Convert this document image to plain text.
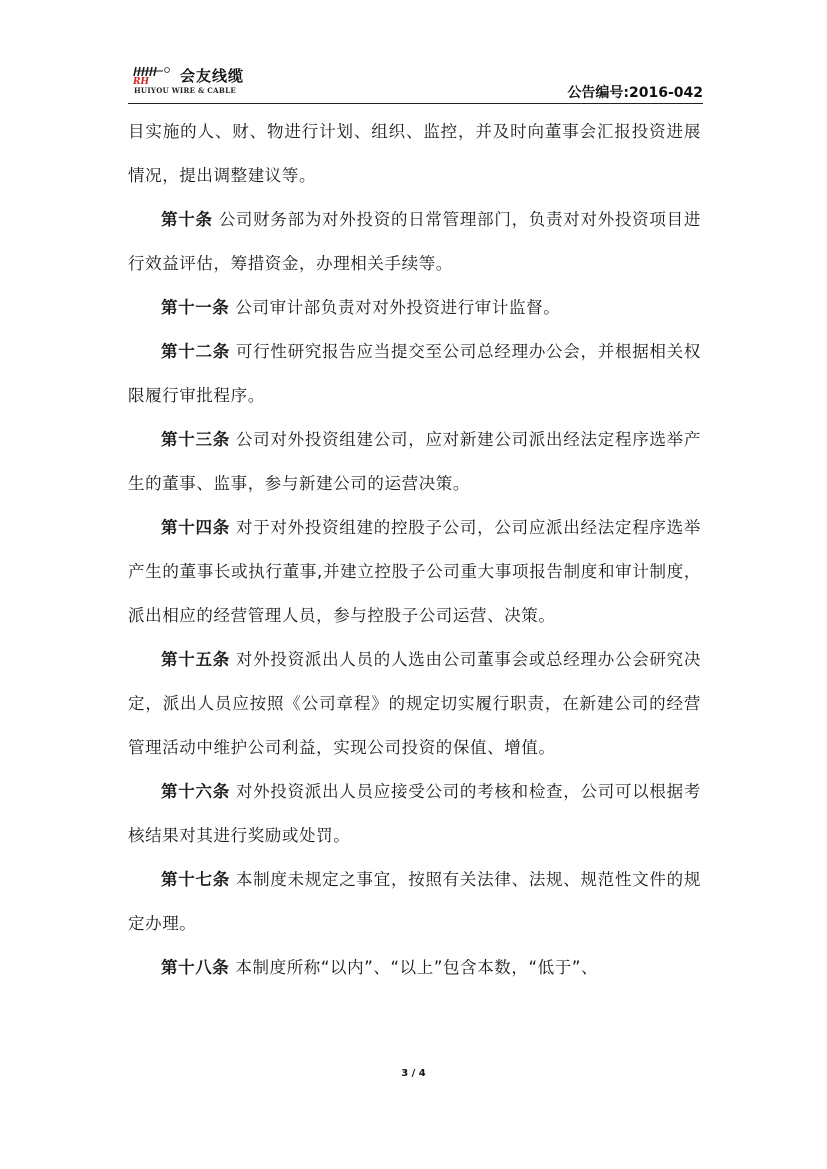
RH 会友线缆
HUIYOU WIRE & CABLE	公告编号:2016-042

目实施的人、财、物进行计划、组织、监控，并及时向董事会汇报投资进展情况，提出调整建议等。

第十条 公司财务部为对外投资的日常管理部门，负责对对外投资项目进行效益评估，筹措资金，办理相关手续等。

第十一条 公司审计部负责对对外投资进行审计监督。

第十二条 可行性研究报告应当提交至公司总经理办公会，并根据相关权限履行审批程序。

第十三条 公司对外投资组建公司，应对新建公司派出经法定程序选举产生的董事、监事，参与新建公司的运营决策。

第十四条 对于对外投资组建的控股子公司，公司应派出经法定程序选举产生的董事长或执行董事,并建立控股子公司重大事项报告制度和审计制度，派出相应的经营管理人员，参与控股子公司运营、决策。

第十五条 对外投资派出人员的人选由公司董事会或总经理办公会研究决定，派出人员应按照《公司章程》的规定切实履行职责，在新建公司的经营管理活动中维护公司利益，实现公司投资的保值、增值。

第十六条 对外投资派出人员应接受公司的考核和检查，公司可以根据考核结果对其进行奖励或处罚。

第十七条 本制度未规定之事宜，按照有关法律、法规、规范性文件的规定办理。

第十八条 本制度所称“以内”、“以上”包含本数，“低于”、

3 / 4
